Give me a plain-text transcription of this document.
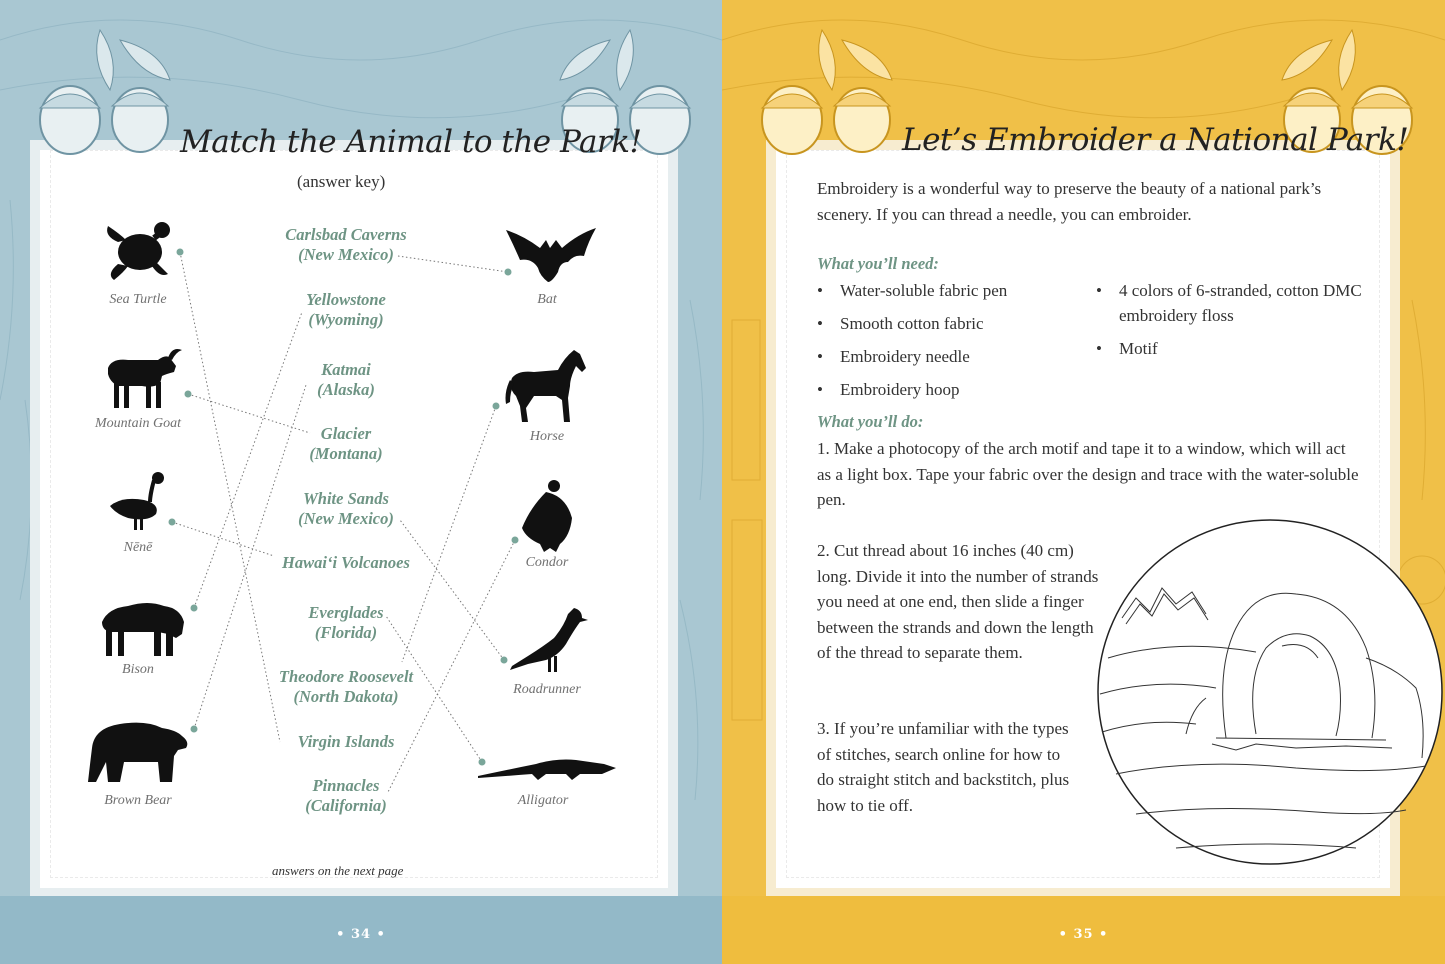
Match the Animal to the Park!
(answer key)
Sea Turtle
Mountain Goat
Nēnē
Bison
Brown Bear
Bat
Horse
Condor
Roadrunner
Alligator
Carlsbad Caverns
(New Mexico)
Yellowstone
(Wyoming)
Katmai
(Alaska)
Glacier
(Montana)
White Sands
(New Mexico)
Hawai‘i Volcanoes
Everglades
(Florida)
Theodore Roosevelt
(North Dakota)
Virgin Islands
Pinnacles
(California)
answers on the next page
• 34 •
Let’s Embroider a National Park!
Embroidery is a wonderful way to preserve the beauty of a national park’s scenery. If you can thread a needle, you can embroider.
What you’ll need:
•	Water-soluble fabric pen
•	Smooth cotton fabric
•	Embroidery needle
•	Embroidery hoop
•	4 colors of 6-stranded, cotton DMC embroidery floss
•	Motif
What you’ll do:
1. Make a photocopy of the arch motif and tape it to a window, which will act as a light box. Tape your fabric over the design and trace with the water-soluble pen.
2. Cut thread about 16 inches (40 cm) long. Divide it into the number of strands you need at one end, then slide a finger between the strands and down the length of the thread to separate them.
3. If you’re unfamiliar with the types of stitches, search online for how to do straight stitch and backstitch, plus how to tie off.
• 35 •
